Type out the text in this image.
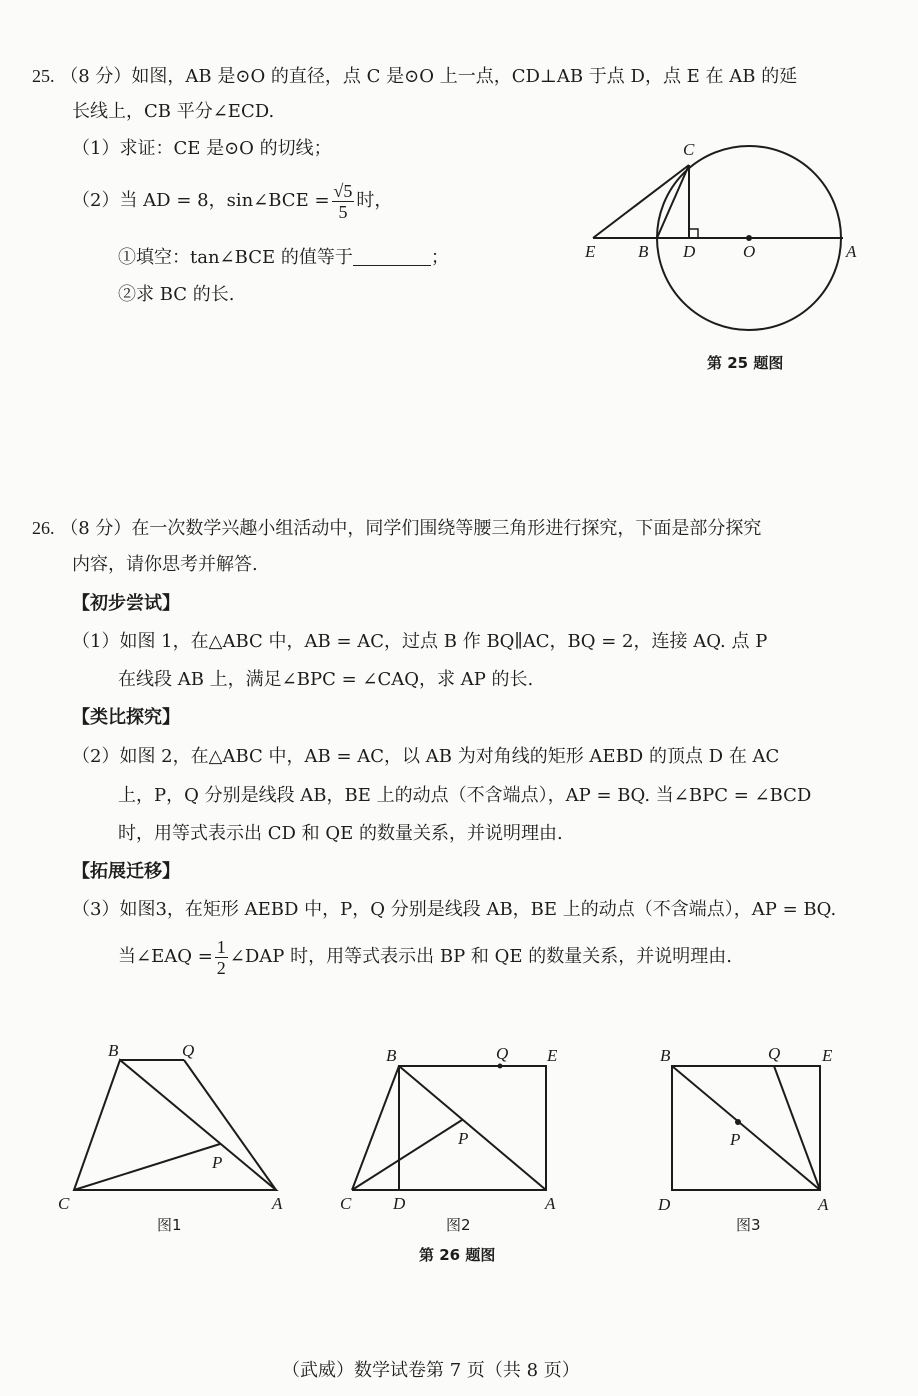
25. （8 分）如图，AB 是⊙O 的直径，点 C 是⊙O 上一点，CD⊥AB 于点 D，点 E 在 AB 的延
长线上，CB 平分∠ECD.
（1）求证：CE 是⊙O 的切线；
（2）当 AD = 8，sin∠BCE = $\frac{√5}{5}$ 时，
①填空：tan∠BCE 的值等于	；
②求 BC 的长.
C
E	B D	O	A
第 25 题图
26. （8 分）在一次数学兴趣小组活动中，同学们围绕等腰三角形进行探究，下面是部分探究
内容，请你思考并解答.
【初步尝试】
（1）如图 1，在△ABC 中，AB = AC，过点 B 作 BQ∥AC，BQ = 2，连接 AQ. 点 P
在线段 AB 上，满足∠BPC = ∠CAQ，求 AP 的长.
【类比探究】
（2）如图 2，在△ABC 中，AB = AC，以 AB 为对角线的矩形 AEBD 的顶点 D 在 AC
上，P，Q 分别是线段 AB，BE 上的动点（不含端点），AP = BQ. 当∠BPC = ∠BCD
时，用等式表示出 CD 和 QE 的数量关系，并说明理由.
【拓展迁移】
（3）如图3，在矩形 AEBD 中，P，Q 分别是线段 AB，BE 上的动点（不含端点），AP = BQ.
当∠EAQ = $\frac{1}{2}$ ∠DAP 时，用等式表示出 BP 和 QE 的数量关系，并说明理由.
B	Q
P
C	A
图1
B	Q E
P
C D	A
图2
B	Q E
P
D	A
图3
第 26 题图
（武威）数学试卷第 7 页（共 8 页）
